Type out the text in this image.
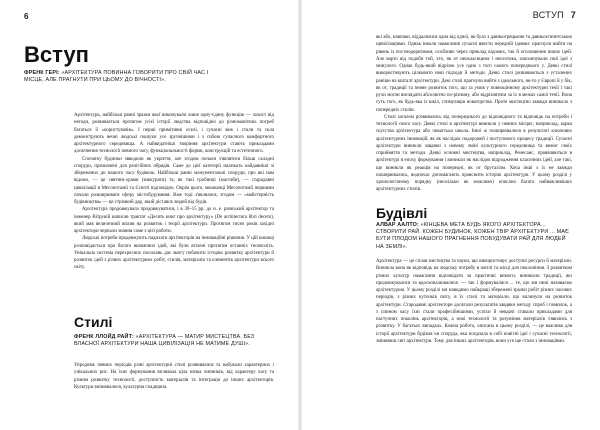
6
Вступ
ФРЕНК ГЕРІ: «АРХІТЕКТУРА ПОВИННА ГОВОРИТИ ПРО СВІЙ ЧАС І МІСЦЕ, АЛЕ ПРАГНУТИ ПРИ ЦЬОМУ ДО ВІЧНОСТІ».

Архітектура, найбільш ранні зразки якої виконували лише одну-єдину функцію — захист від негоди, розвивається протягом усієї історії людства відповідно до різноманітних потреб багатьох її «користувачів». І перші примітивні оселі, і сучасні веж і стали та скла демонструють вечні людські пошуки усе зручнішими і з собою сучасного комфортного архітектурного середовища. А найвидатніші творіння архітектури стають прикладами досягнення технології певного часу, функціональності форми, конструкцій та естетичного.

Спочатку будинки звводили як укриття, але згодом почали з'являтися більш складні споруди, призначені для релігійних обрядів. Саме до цієї категорії належать найдавніші зі збережених до нашого часу будівель. Найбільш ранні монументальні споруди, про які нам відомо, — це святині-храми (зиккурати) та, як такі гробниці (мастаби), — стародавні цивілізації в Месопотамії та Єгипті відповідно. Окрім цього, мешканці Месопотамії першими почали розширювати сферу містобудування. Вже тоді з'являлися, згодом — «майстерність будівництва» — це стрімкий дар, який дістався людей від будів.

Архітектура продовжувала продовжуватися, і в 30–15 рр. до н. е. римський архітектор та інженер Вітрувій написав трактат «Десять книг про архітектуру» (De architectura libri decem), який мав величезний вплив на розвиток і теорії архітектури. Протягом тисяч років західні архітектори черпали знання саме з цієї роботи.

Людські потреби продовжують надихати архітекторів на інноваційні рішення. У цій книжці розповідається про багато визначних ідей, які були втілені протягом останніх тисячоліть. Унікальна система перехресних посилань дає змогу побачити історію розвитку архітектури й розвиток ідей з різних архітектурних робіт, стилів, матеріалів та елементів архітектури всього світу.

Стилі
ФРЕНК ЛЛОЙД РАЙТ: «АРХІТЕКТУРА — МАТИР МИСТЕЦТВА. БЕЗ ВЛАСНОЇ АРХІТЕКТУРИ НАША ЦИВІЛІЗАЦІЯ НЕ МАТИМЕ ДУШІ».

Упродовж певних періодів різні архітектурні стилі розвивалися та набували характерних і унікальних рис. На їхнє формування впливала ціла низка чинників, від характеру часу та різним розвитку технології, доступність матеріалів та інтеграція до інших архітекторів. Культури змінювалися, культурна спадщина.

ВСТУП 7

які або, навпаки, віддалялися одна від одної, як було з давньогрецькою та давньоєгипетською цивілізаціями. Однак інколи намагання сучасні ввести передній ідеями: прагнули вийти на рівень із постмодернізмом, особливо через приклад відомих, так й оголошення інших ідей. Але варто від подоби той, хто, як от неокласицизм і неоготика, запозичували свої ідеї з минулого. Однак будь-який відрізок усе одно з того самого попереднього у. Деякі стилі використовують цілковито нові підходи й методи. Деякі стилі розвиваються з усталених раніше на кшталт архітектури. Декі стилі прагнули вийти з ідеального, як-то у Європі й у бік, як от, традиції та певне розвиток того, що за умов у повноцінному архітектурні течії і такі рухи могли виглядати абсолютно по-різному, або відрізнятися за їх в межах самої течії. Вона суть того, як будь-яка із шкіл, стимуляція новаторства. Проте мистецтво завжди виникало з попередніх стилів.

Стилі загалом розвивались від попереднього до відповідного та відповідь на потреби і технології свого часу. Деякі стилі в архітектурі виникли у певних місцях, наприклад, карка скусства архітектура або чикагська школа. Інші ж поширювалися в результаті ключових архітектурних інновацій, як як наслідок подорожей і поступового процесу традиції. Сучасні архітектури виникли завдяки з новому зміні культурного середовища та вимог своїх сприйняття та методи. Деякі основні мистецтва, наприклад, Ренесанс, проявляються в архітектурі в епоху формування і виникли як наслідок відродження класичних ідей, але такі, що виникли як реакція на попередні, як от бруталізм. Хоча інші з їх не завжди поширювались, водночас допомагають прояснити історію архітектури. У цьому розділі у хронологічному порядку (нескільки як можливо) описано багато найважливіших архітектурних стилів.

Будівлі
АЛВАР ААЛТО: «КІНЦЕВА МЕТА БУДЬ ЯКОГО АРХІТЕКТОРА... СТВОРИТИ РАЙ. КОЖЕН БУДИНОК, КОЖЕН ТВІР АРХІТЕКТУРИ ... МАЄ БУТИ ПЛОДОМ НАШОГО ПРАГНЕННЯ ПОБУДУВАТИ РАЙ ДЛЯ ЛЮДЕЙ НА ЗЕМЛІ».

Архітектура — це сплав мистецтва та науки, що використовує доступні ресурси й матеріали. Виникла вона як відповідь на людську потребу в житлі та місці для поклоніння. З розвитком різних культур намагання відповідати за практичні вимоги, виникали традиції, які продовжувалися та вдосконалювалися. — так і формувалися ... те, що ми нині називаємо архітектурою. У цьому розділі ми наводимо найкращі збережені зразки робіт різних часових періодів, з різних куточків світу, в їх стилі та матеріали, що вплинули на розвиток архітектури. Стародавні архітектори досягали результатів завдяки методу спроб і помилок, а з плином часу їхні стали професійнішими, успіхи й невдачі ставали прикладами для наступних поколінь архітекторів, а нові технології та розуміння матеріалів з'явились з розвитку. У багатьох випадках. Кожна робота, описана в цьому розділі, — це важлива для історії архітектури будівля чи споруда, яка поєднала в собі новітні ідеї і сучасні технології, змінивши світ архітектури. Тому для інших архітекторів, вони усе ще стали з інноваціями.
